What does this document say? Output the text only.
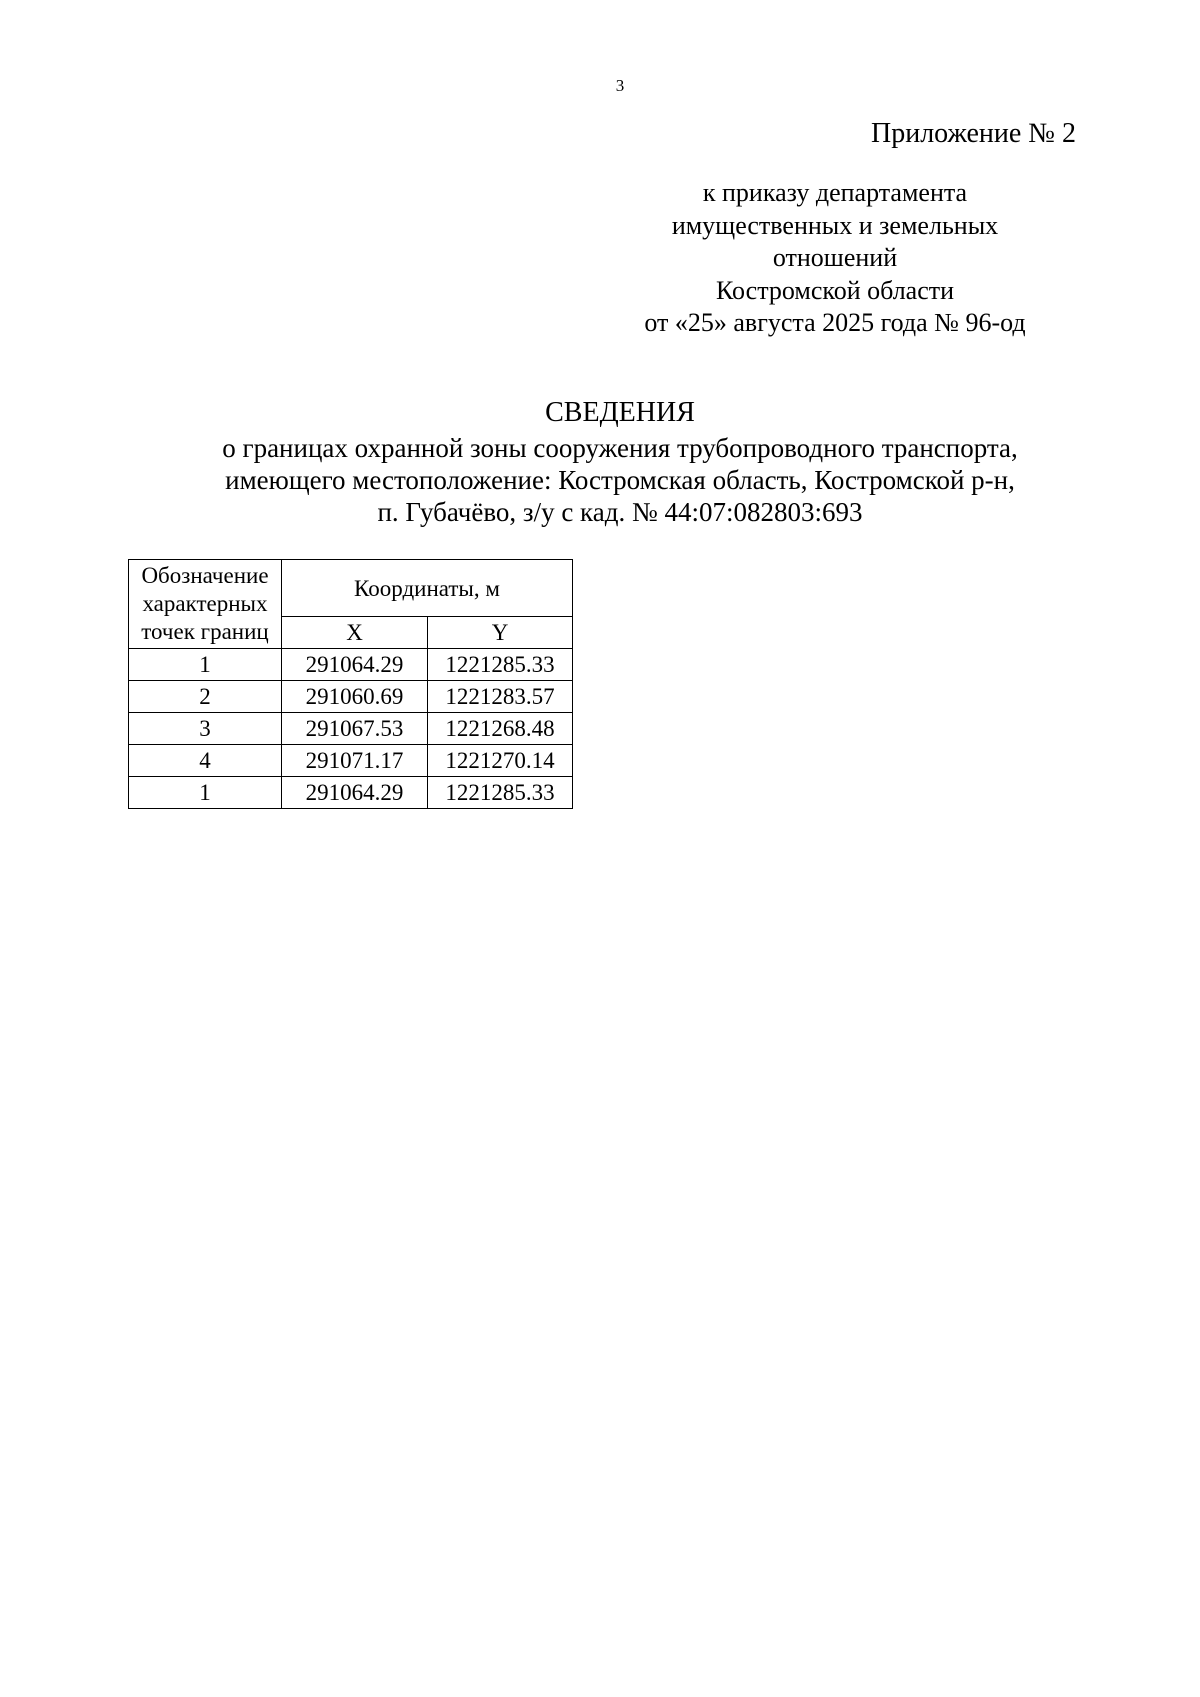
3
Приложение № 2
к приказу департамента
имущественных и земельных
отношений
Костромской области
от «25» августа 2025 года № 96-од
СВЕДЕНИЯ
о границах охранной зоны сооружения трубопроводного транспорта,
имеющего местоположение: Костромская область, Костромской р-н,
п. Губачёво, з/у с кад. № 44:07:082803:693
Обозначение
характерных
точек границ	Координаты, м	
	X	Y
1	291064.29	1221285.33
2	291060.69	1221283.57
3	291067.53	1221268.48
4	291071.17	1221270.14
1	291064.29	1221285.33
